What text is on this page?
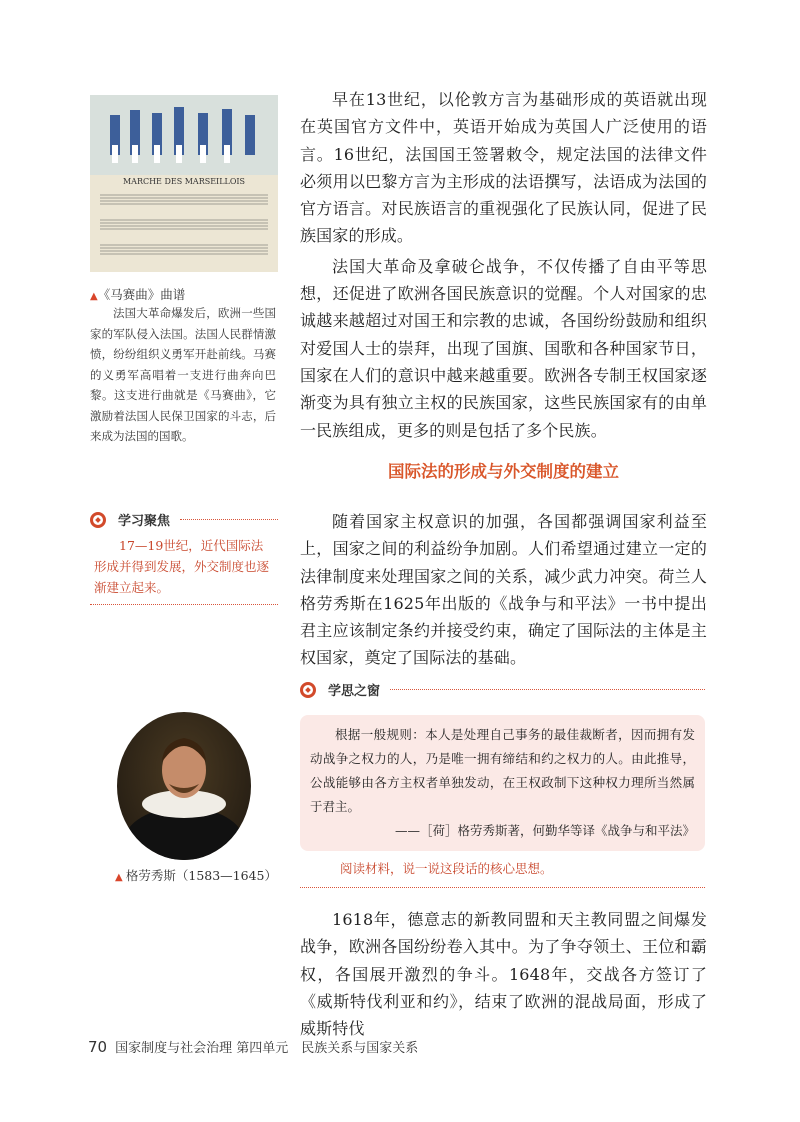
MARCHE DES MARSEILLOIS
▲《马赛曲》曲谱
法国大革命爆发后，欧洲一些国家的军队侵入法国。法国人民群情激愤，纷纷组织义勇军开赴前线。马赛的义勇军高唱着一支进行曲奔向巴黎。这支进行曲就是《马赛曲》，它激励着法国人民保卫国家的斗志，后来成为法国的国歌。
学习聚焦
17—19世纪，近代国际法形成并得到发展，外交制度也逐渐建立起来。
▲ 格劳秀斯（1583—1645）

早在13世纪，以伦敦方言为基础形成的英语就出现在英国官方文件中，英语开始成为英国人广泛使用的语言。16世纪，法国国王签署敕令，规定法国的法律文件必须用以巴黎方言为主形成的法语撰写，法语成为法国的官方语言。对民族语言的重视强化了民族认同，促进了民族国家的形成。

法国大革命及拿破仑战争，不仅传播了自由平等思想，还促进了欧洲各国民族意识的觉醒。个人对国家的忠诚越来越超过对国王和宗教的忠诚，各国纷纷鼓励和组织对爱国人士的崇拜，出现了国旗、国歌和各种国家节日，国家在人们的意识中越来越重要。欧洲各专制王权国家逐渐变为具有独立主权的民族国家，这些民族国家有的由单一民族组成，更多的则是包括了多个民族。

国际法的形成与外交制度的建立

随着国家主权意识的加强，各国都强调国家利益至上，国家之间的利益纷争加剧。人们希望通过建立一定的法律制度来处理国家之间的关系，减少武力冲突。荷兰人格劳秀斯在1625年出版的《战争与和平法》一书中提出君主应该制定条约并接受约束，确定了国际法的主体是主权国家，奠定了国际法的基础。

学思之窗
根据一般规则：本人是处理自己事务的最佳裁断者，因而拥有发动战争之权力的人，乃是唯一拥有缔结和约之权力的人。由此推导，公战能够由各方主权者单独发动，在王权政制下这种权力理所当然属于君主。
——［荷］格劳秀斯著，何勤华等译《战争与和平法》
阅读材料，说一说这段话的核心思想。

1618年，德意志的新教同盟和天主教同盟之间爆发战争，欧洲各国纷纷卷入其中。为了争夺领土、王位和霸权，各国展开激烈的争斗。1648年，交战各方签订了《威斯特伐利亚和约》，结束了欧洲的混战局面，形成了威斯特伐

70 国家制度与社会治理 第四单元　民族关系与国家关系
